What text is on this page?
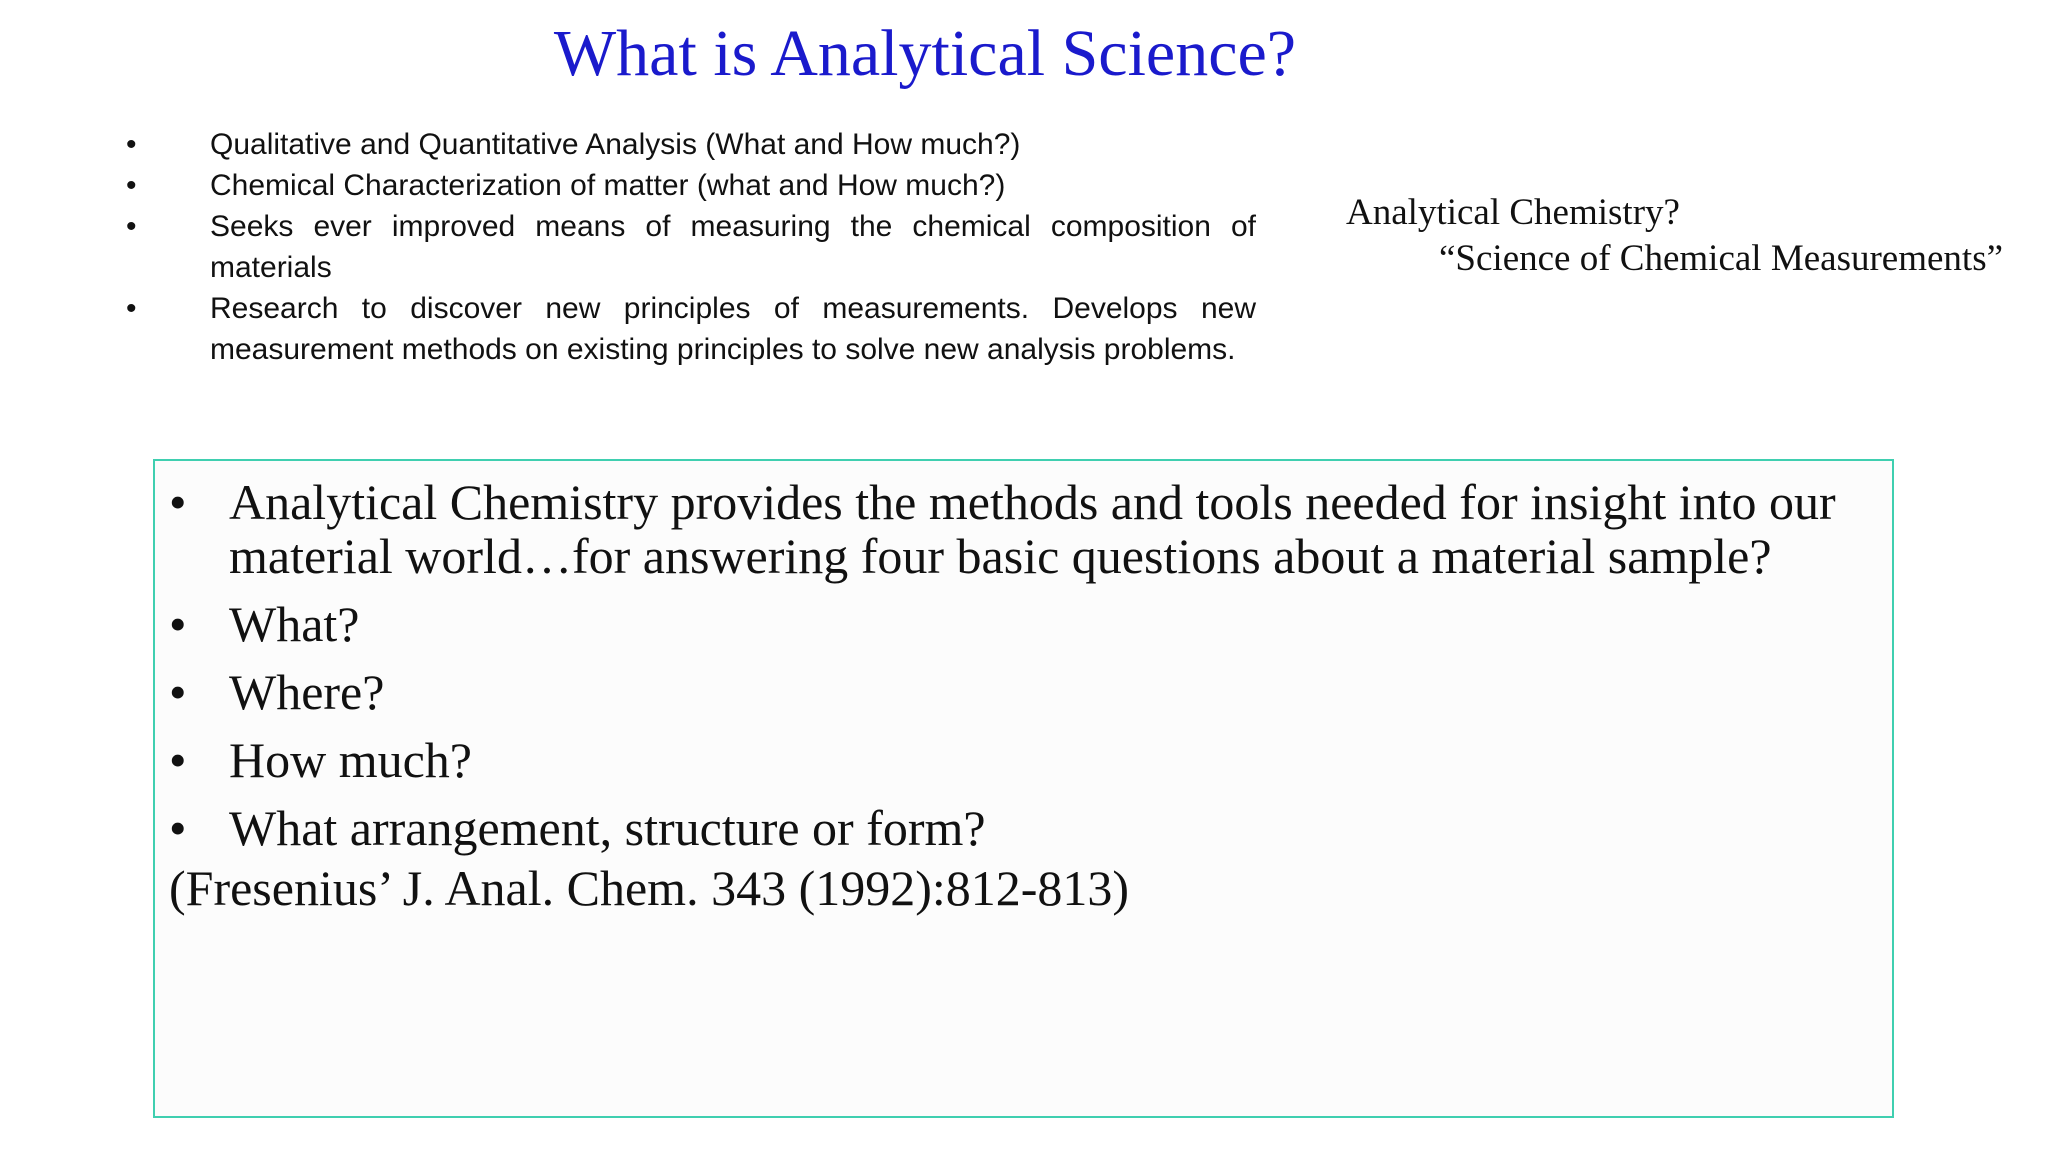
What is Analytical Science?
•	Qualitative and Quantitative Analysis (What and How much?)
•	Chemical Characterization of matter (what and How much?)
•	Seeks ever improved means of measuring the chemical composition of materials
•	Research to discover new principles of measurements. Develops new measurement methods on existing principles to solve new analysis problems.
Analytical Chemistry?
“Science of Chemical Measurements”
• Analytical Chemistry provides the methods and tools needed for insight into our material world…for answering four basic questions about a material sample?
• What?
• Where?
• How much?
• What arrangement, structure or form?
(Fresenius’ J. Anal. Chem. 343 (1992):812-813)
